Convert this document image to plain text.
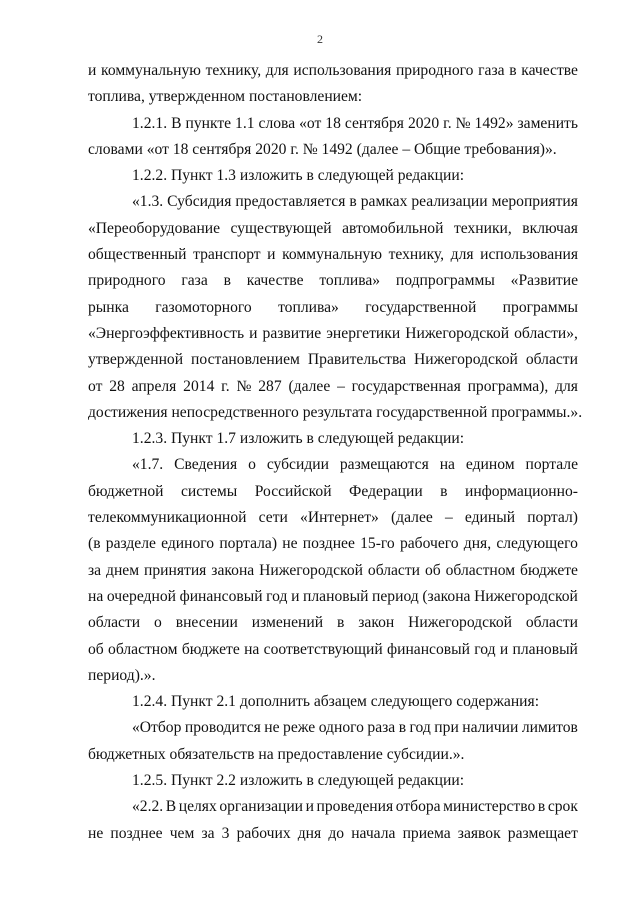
2
и коммунальную технику, для использования природного газа в качестве
топлива, утвержденном постановлением:
1.2.1. В пункте 1.1 слова «от 18 сентября 2020 г. № 1492» заменить
словами «от 18 сентября 2020 г. № 1492 (далее – Общие требования)».
1.2.2. Пункт 1.3 изложить в следующей редакции:
«1.3. Субсидия предоставляется в рамках реализации мероприятия
«Переоборудование существующей автомобильной техники, включая
общественный транспорт и коммунальную технику, для использования
природного газа в качестве топлива» подпрограммы «Развитие
рынка газомоторного топлива» государственной программы
«Энергоэффективность и развитие энергетики Нижегородской области»,
утвержденной постановлением Правительства Нижегородской области
от 28 апреля 2014 г. № 287 (далее – государственная программа), для
достижения непосредственного результата государственной программы.».
1.2.3. Пункт 1.7 изложить в следующей редакции:
«1.7. Сведения о субсидии размещаются на едином портале
бюджетной системы Российской Федерации в информационно-
телекоммуникационной сети «Интернет» (далее – единый портал)
(в разделе единого портала) не позднее 15-го рабочего дня, следующего
за днем принятия закона Нижегородской области об областном бюджете
на очередной финансовый год и плановый период (закона Нижегородской
области о внесении изменений в закон Нижегородской области
об областном бюджете на соответствующий финансовый год и плановый
период).».
1.2.4. Пункт 2.1 дополнить абзацем следующего содержания:
«Отбор проводится не реже одного раза в год при наличии лимитов
бюджетных обязательств на предоставление субсидии.».
1.2.5. Пункт 2.2 изложить в следующей редакции:
«2.2. В целях организации и проведения отбора министерство в срок
не позднее чем за 3 рабочих дня до начала приема заявок размещает
